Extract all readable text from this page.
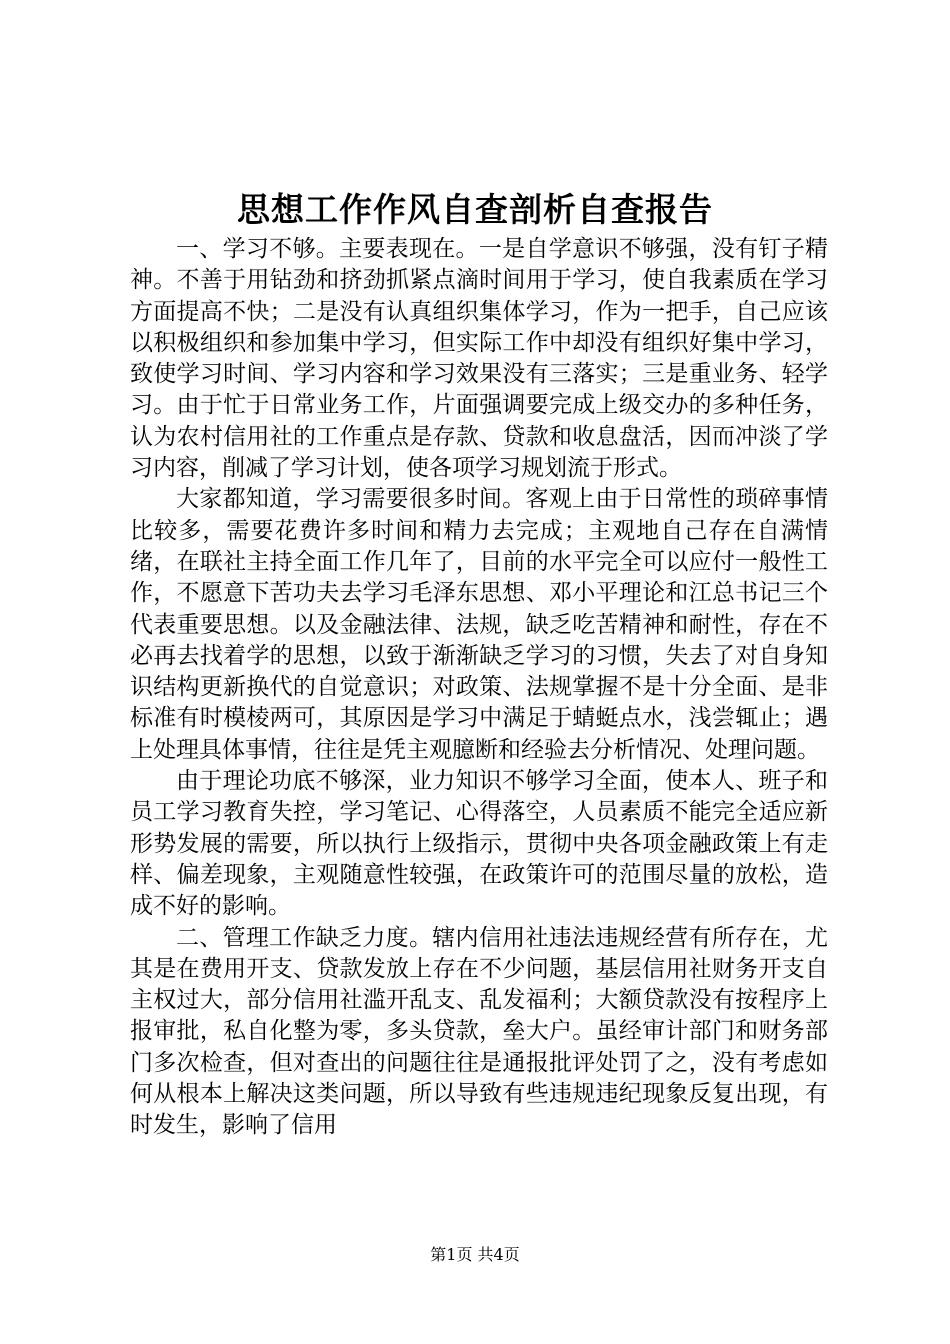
思想工作作风自查剖析自查报告

一、学习不够。主要表现在。一是自学意识不够强，没有钉子精神。不善于用钻劲和挤劲抓紧点滴时间用于学习，使自我素质在学习方面提高不快；二是没有认真组织集体学习，作为一把手，自己应该以积极组织和参加集中学习，但实际工作中却没有组织好集中学习，致使学习时间、学习内容和学习效果没有三落实；三是重业务、轻学习。由于忙于日常业务工作，片面强调要完成上级交办的多种任务，认为农村信用社的工作重点是存款、贷款和收息盘活，因而冲淡了学习内容，削减了学习计划，使各项学习规划流于形式。

大家都知道，学习需要很多时间。客观上由于日常性的琐碎事情比较多，需要花费许多时间和精力去完成；主观地自己存在自满情绪，在联社主持全面工作几年了，目前的水平完全可以应付一般性工作，不愿意下苦功夫去学习毛泽东思想、邓小平理论和江总书记三个代表重要思想。以及金融法律、法规，缺乏吃苦精神和耐性，存在不必再去找着学的思想，以致于渐渐缺乏学习的习惯，失去了对自身知识结构更新换代的自觉意识；对政策、法规掌握不是十分全面、是非标准有时模棱两可，其原因是学习中满足于蜻蜓点水，浅尝辄止；遇上处理具体事情，往往是凭主观臆断和经验去分析情况、处理问题。

由于理论功底不够深，业力知识不够学习全面，使本人、班子和员工学习教育失控，学习笔记、心得落空，人员素质不能完全适应新形势发展的需要，所以执行上级指示，贯彻中央各项金融政策上有走样、偏差现象，主观随意性较强，在政策许可的范围尽量的放松，造成不好的影响。

二、管理工作缺乏力度。辖内信用社违法违规经营有所存在，尤其是在费用开支、贷款发放上存在不少问题，基层信用社财务开支自主权过大，部分信用社滥开乱支、乱发福利；大额贷款没有按程序上报审批，私自化整为零，多头贷款，垒大户。虽经审计部门和财务部门多次检查，但对查出的问题往往是通报批评处罚了之，没有考虑如何从根本上解决这类问题，所以导致有些违规违纪现象反复出现，有时发生，影响了信用

第1页 共4页
